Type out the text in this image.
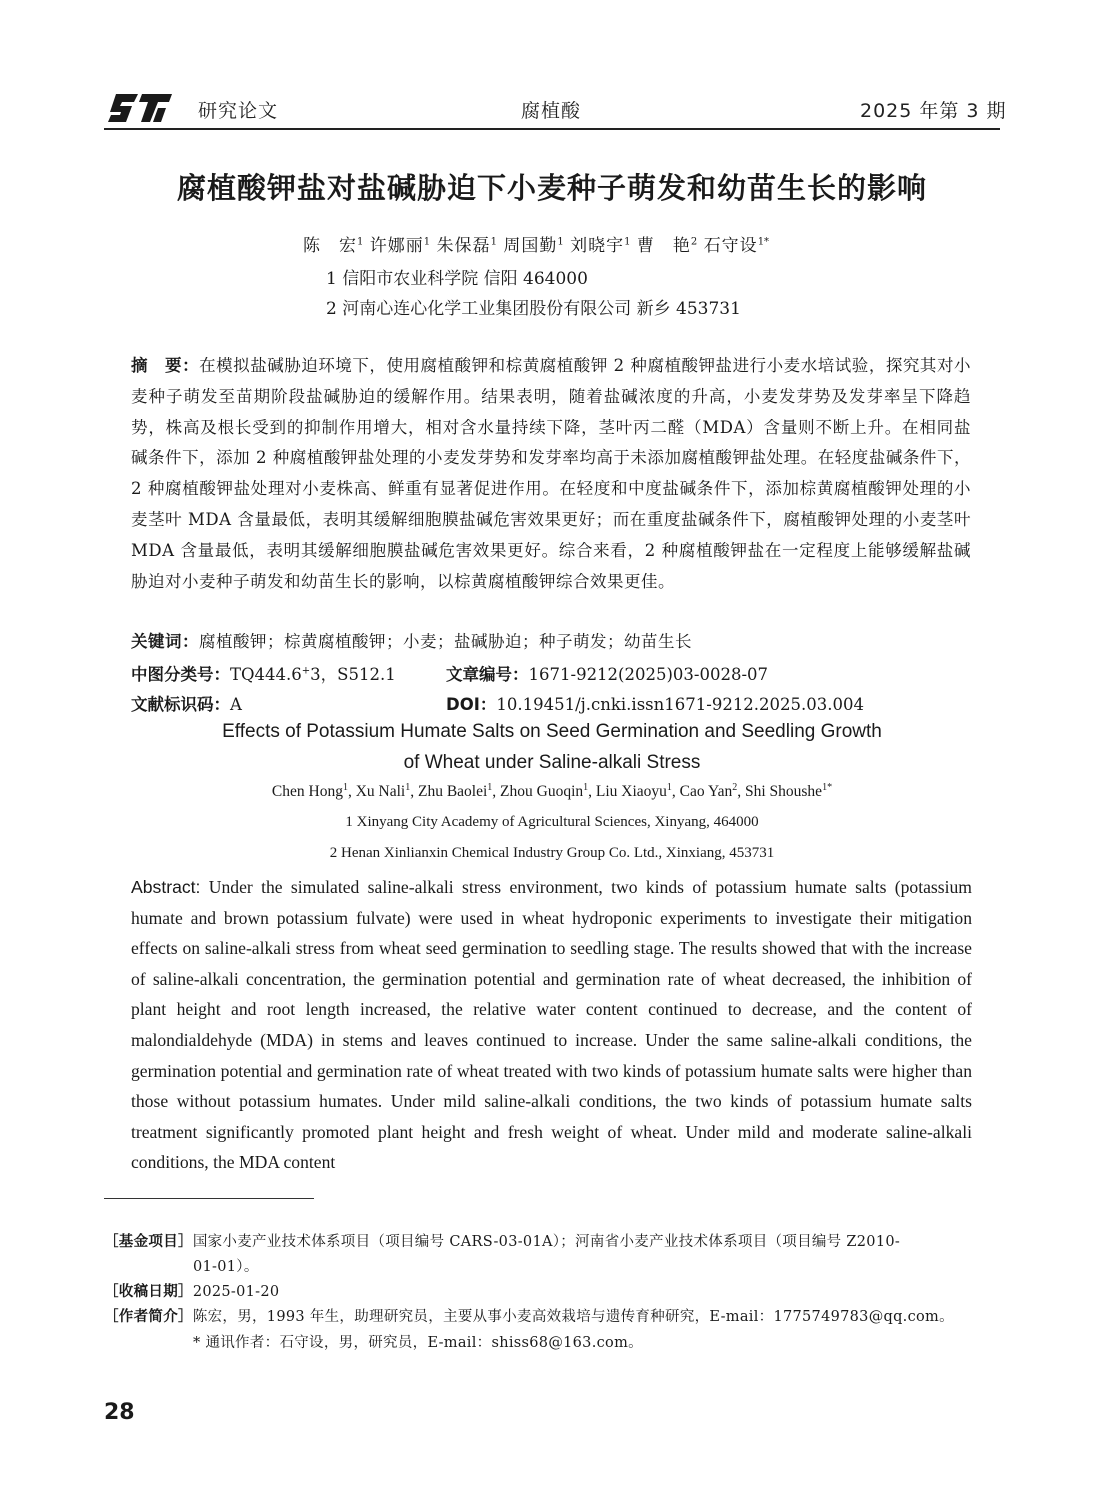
研究论文	腐植酸	2025 年第 3 期
腐植酸钾盐对盐碱胁迫下小麦种子萌发和幼苗生长的影响
陈　宏$^1$ 许娜丽$^1$ 朱保磊$^1$ 周国勤$^1$ 刘晓宇$^1$ 曹　艳$^2$ 石守设$^{1*}$
1 信阳市农业科学院 信阳 464000
2 河南心连心化学工业集团股份有限公司 新乡 453731
摘　要：在模拟盐碱胁迫环境下，使用腐植酸钾和棕黄腐植酸钾 2 种腐植酸钾盐进行小麦水培试验，探究其对小麦种子萌发至苗期阶段盐碱胁迫的缓解作用。结果表明，随着盐碱浓度的升高，小麦发芽势及发芽率呈下降趋势，株高及根长受到的抑制作用增大，相对含水量持续下降，茎叶丙二醛（MDA）含量则不断上升。在相同盐碱条件下，添加 2 种腐植酸钾盐处理的小麦发芽势和发芽率均高于未添加腐植酸钾盐处理。在轻度盐碱条件下，2 种腐植酸钾盐处理对小麦株高、鲜重有显著促进作用。在轻度和中度盐碱条件下，添加棕黄腐植酸钾处理的小麦茎叶 MDA 含量最低，表明其缓解细胞膜盐碱危害效果更好；而在重度盐碱条件下，腐植酸钾处理的小麦茎叶 MDA 含量最低，表明其缓解细胞膜盐碱危害效果更好。综合来看，2 种腐植酸钾盐在一定程度上能够缓解盐碱胁迫对小麦种子萌发和幼苗生长的影响，以棕黄腐植酸钾综合效果更佳。
关键词：腐植酸钾；棕黄腐植酸钾；小麦；盐碱胁迫；种子萌发；幼苗生长
中图分类号：TQ444.6+3，S512.1	文章编号：1671-9212(2025)03-0028-07
文献标识码：A	DOI：10.19451/j.cnki.issn1671-9212.2025.03.004
Effects of Potassium Humate Salts on Seed Germination and Seedling Growth
of Wheat under Saline-alkali Stress
Chen Hong$^1$, Xu Nali$^1$, Zhu Baolei$^1$, Zhou Guoqin$^1$, Liu Xiaoyu$^1$, Cao Yan$^2$, Shi Shoushe$^{1*}$
1 Xinyang City Academy of Agricultural Sciences, Xinyang, 464000
2 Henan Xinlianxin Chemical Industry Group Co. Ltd., Xinxiang, 453731
Abstract: Under the simulated saline-alkali stress environment, two kinds of potassium humate salts (potassium humate and brown potassium fulvate) were used in wheat hydroponic experiments to investigate their mitigation effects on saline-alkali stress from wheat seed germination to seedling stage. The results showed that with the increase of saline-alkali concentration, the germination potential and germination rate of wheat decreased, the inhibition of plant height and root length increased, the relative water content continued to decrease, and the content of malondialdehyde (MDA) in stems and leaves continued to increase. Under the same saline-alkali conditions, the germination potential and germination rate of wheat treated with two kinds of potassium humate salts were higher than those without potassium humates. Under mild saline-alkali conditions, the two kinds of potassium humate salts treatment significantly promoted plant height and fresh weight of wheat. Under mild and moderate saline-alkali conditions, the MDA content
［基金项目］国家小麦产业技术体系项目（项目编号 CARS-03-01A）；河南省小麦产业技术体系项目（项目编号 Z2010-
01-01）。
［收稿日期］2025-01-20
［作者简介］陈宏，男，1993 年生，助理研究员，主要从事小麦高效栽培与遗传育种研究，E-mail：1775749783@qq.com。
* 通讯作者：石守设，男，研究员，E-mail：shiss68@163.com。
28
